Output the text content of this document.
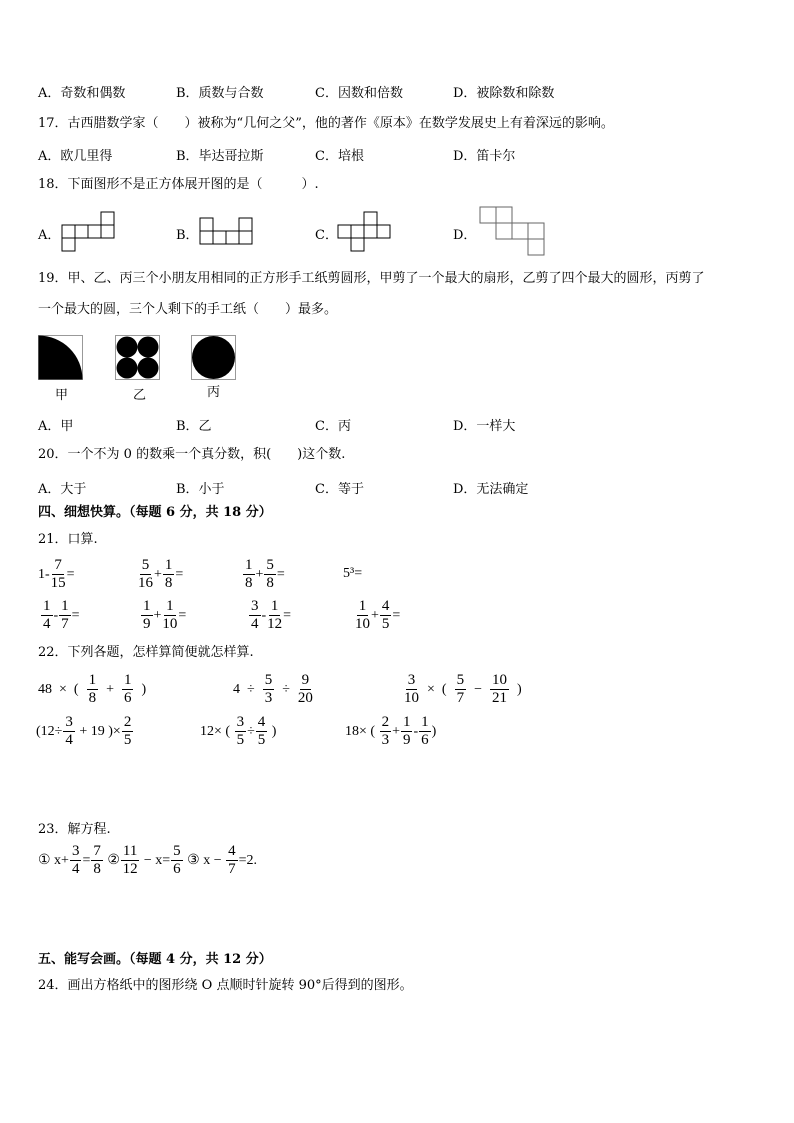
A．奇数和偶数	B．质数与合数	C．因数和倍数	D．被除数和除数
17．古西腊数学家（　　）被称为“几何之父”，他的著作《原本》在数学发展史上有着深远的影响。
A．欧几里得	B．毕达哥拉斯	C．培根	D．笛卡尔
18．下面图形不是正方体展开图的是（　　　）.
A．	B．	C．	D．
19．甲、乙、丙三个小朋友用相同的正方形手工纸剪圆形，甲剪了一个最大的扇形，乙剪了四个最大的圆形，丙剪了
一个最大的圆，三个人剩下的手工纸（　　）最多。
甲	乙	丙
A．甲	B．乙	C．丙	D．一样大
20．一个不为 0 的数乘一个真分数，积(　　)这个数.
A．大于	B．小于	C．等于	D．无法确定
四、细想快算。（每题 6 分，共 18 分）
21．口算.
$1- \frac{7}{15}$ =	$\frac{5}{16} + \frac{1}{8}$ =	$\frac{1}{8} + \frac{5}{8}$ =	5³=
$\frac{1}{4} - \frac{1}{7}$ =	$\frac{1}{9} + \frac{1}{10}$ =	$\frac{3}{4} - \frac{1}{12}$ =	$\frac{1}{10} + \frac{4}{5}$ =
22．下列各题，怎样算简便就怎样算.
48  ×  ( $\frac{1}{8} + \frac{1}{6}$ )	$4 \div \frac{5}{3} \div \frac{9}{20}$	$\frac{3}{10}$ ×  ( $\frac{5}{7} - \frac{10}{21}$ )
($12\div \frac{3}{4} + 19$ )× $\frac{2}{5}$	12× ( $\frac{3}{5} \div \frac{4}{5}$ )	18× ( $\frac{2}{3} + \frac{1}{9} - \frac{1}{6}$ )
23．解方程.
① $x+ \frac{3}{4} = \frac{7}{8}$ ② $\frac{11}{12} - x= \frac{5}{6}$ ③ $x - \frac{4}{7} =2$.
五、能写会画。（每题 4 分，共 12 分）
24．画出方格纸中的图形绕 O 点顺时针旋转 90°后得到的图形。
